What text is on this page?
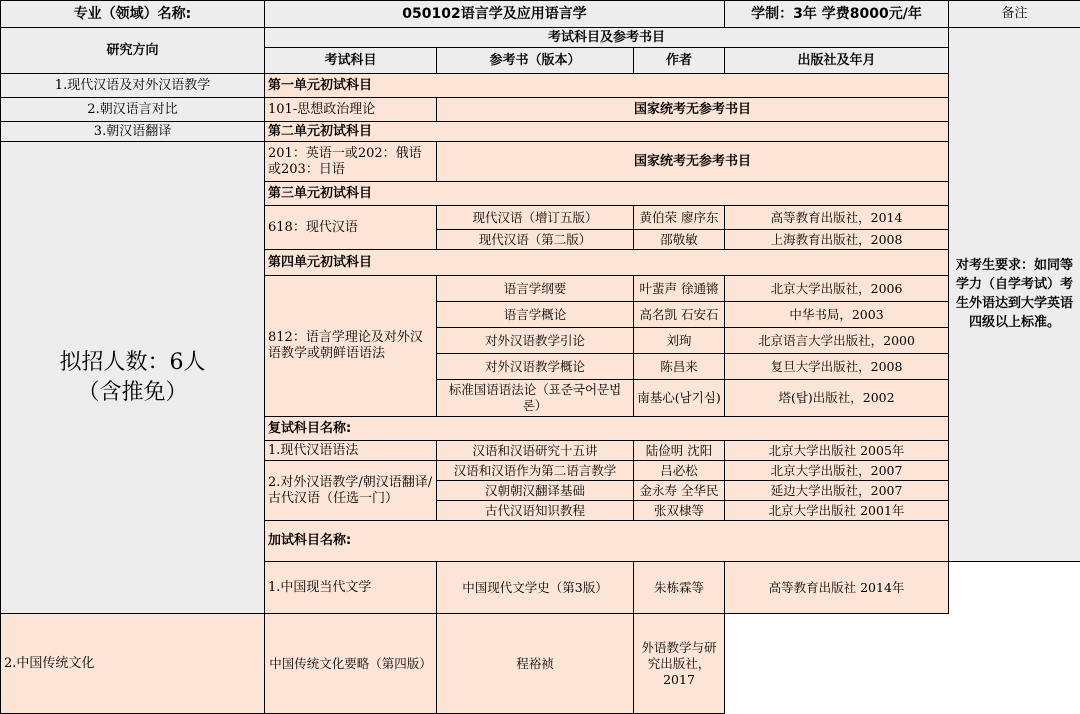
专业（领域）名称:	050102语言学及应用语言学			学制：3年 学费8000元/年	备注	
研究方向	考试科目及参考书目				对考生要求：如同等学力（自学考试）考生外语达到大学英语四级以上标准。	
	考试科目	参考书（版本）	作者	出版社及年月		
1.现代汉语及对外汉语教学	第一单元初试科目					
2.朝汉语言对比	101-思想政治理论	国家统考无参考书目				
3.朝汉语翻译	第二单元初试科目					

拟招人数：6人
（含推免）	201：英语一或202：俄语或203：日语	国家统考无参考书目				
	第三单元初试科目					
	618：现代汉语	现代汉语（增订五版）	黄伯荣 廖序东	高等教育出版社，2014		
		现代汉语（第二版）	邵敬敏	上海教育出版社，2008		
	第四单元初试科目					
	812：语言学理论及对外汉语教学或朝鲜语语法	语言学纲要	叶蜚声 徐通锵	北京大学出版社，2006		
		语言学概论	高名凯 石安石	中华书局，2003		
		对外汉语教学引论	刘珣	北京语言大学出版社，2000		
		对外汉语教学概论	陈昌来	复旦大学出版社，2008		
		标准国语语法论（표준국어문법론）	南基心(남기심)	塔(탑)出版社，2002		
	复试科目名称:					
	1.现代汉语语法	汉语和汉语研究十五讲	陆俭明 沈阳	北京大学出版社 2005年		
	2.对外汉语教学/朝汉语翻译/古代汉语（任选一门）	汉语和汉语作为第二语言教学	吕必松	北京大学出版社，2007		
		汉朝朝汉翻译基础	金永寿 全华民	延边大学出版社，2007		
		古代汉语知识教程	张双棣等	北京大学出版社 2001年		
	加试科目名称:	
	1.中国现当代文学	中国现代文学史（第3版）	朱栋霖等	高等教育出版社 2014年		
2.中国传统文化	中国传统文化要略（第四版）	程裕祯	外语教学与研究出版社，2017			
